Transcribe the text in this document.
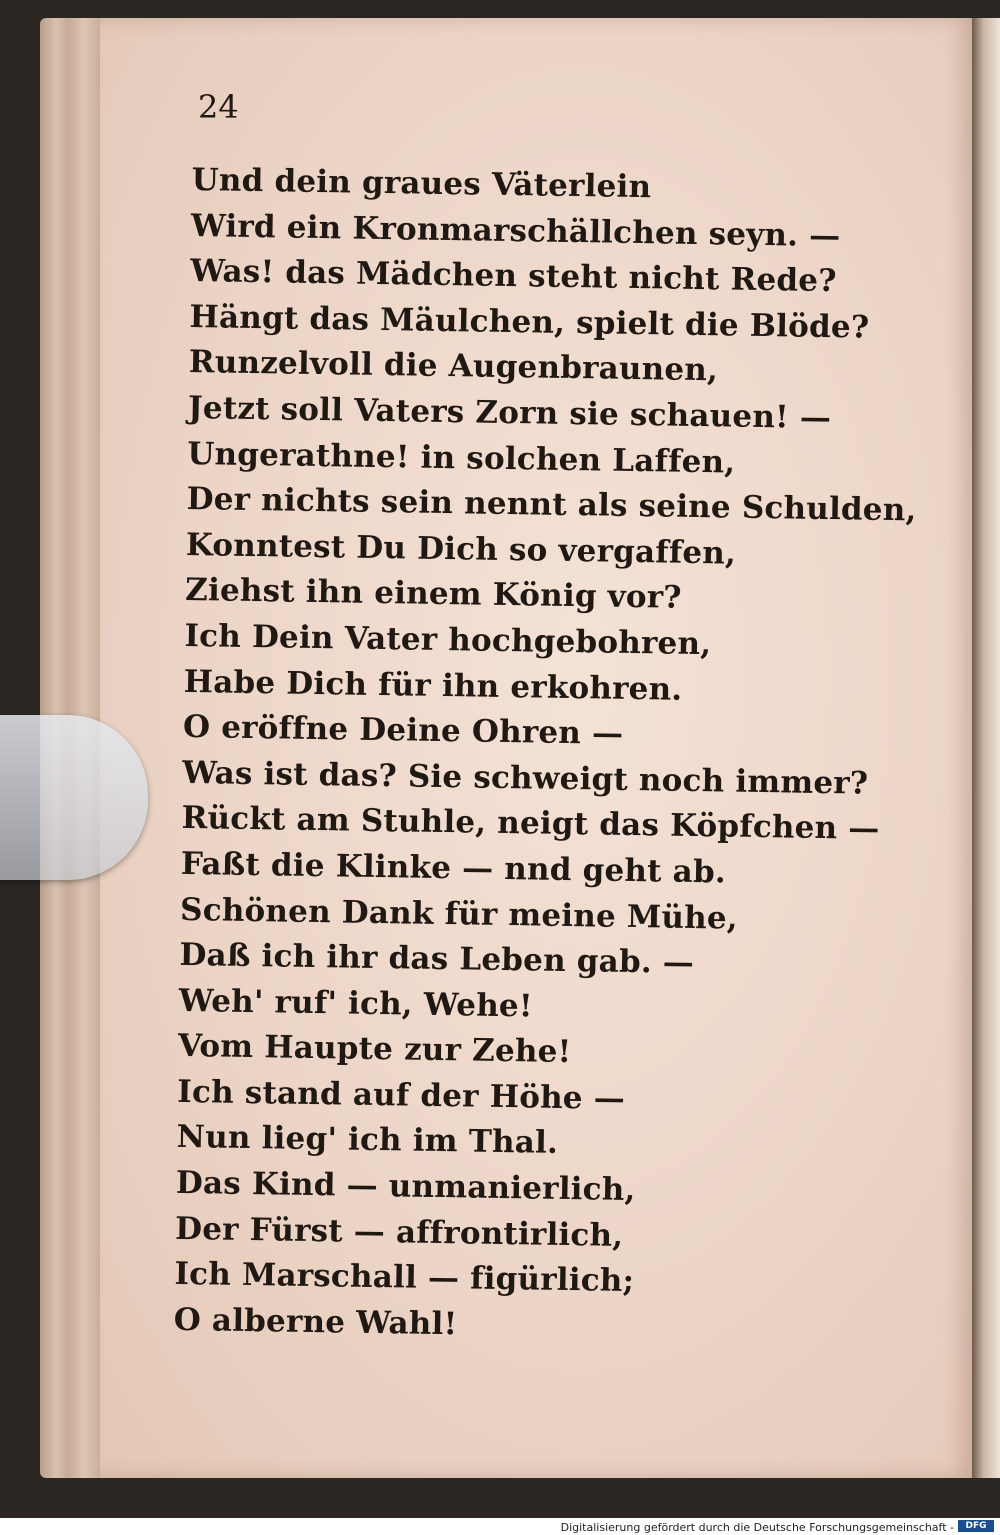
24

Und dein graues Väterlein
Wird ein Kronmarschällchen seyn. —
Was! das Mädchen steht nicht Rede?
Hängt das Mäulchen, spielt die Blöde?
Runzelvoll die Augenbraunen,
Jetzt soll Vaters Zorn sie schauen! —
Ungerathne! in solchen Laffen,
Der nichts sein nennt als seine Schulden,
Konntest Du Dich so vergaffen,
Ziehst ihn einem König vor?
Ich Dein Vater hochgebohren,
Habe Dich für ihn erkohren.
O eröffne Deine Ohren —
Was ist das? Sie schweigt noch immer?
Rückt am Stuhle, neigt das Köpfchen —
Faßt die Klinke — nnd geht ab.
Schönen Dank für meine Mühe,
Daß ich ihr das Leben gab. —
Weh' ruf' ich, Wehe!
Vom Haupte zur Zehe!
Ich stand auf der Höhe —
Nun lieg' ich im Thal.
Das Kind — unmanierlich,
Der Fürst — affrontirlich,
Ich Marschall — figürlich;
O alberne Wahl!
Digitalisierung gefördert durch die Deutsche Forschungsgemeinschaft -	DFG
